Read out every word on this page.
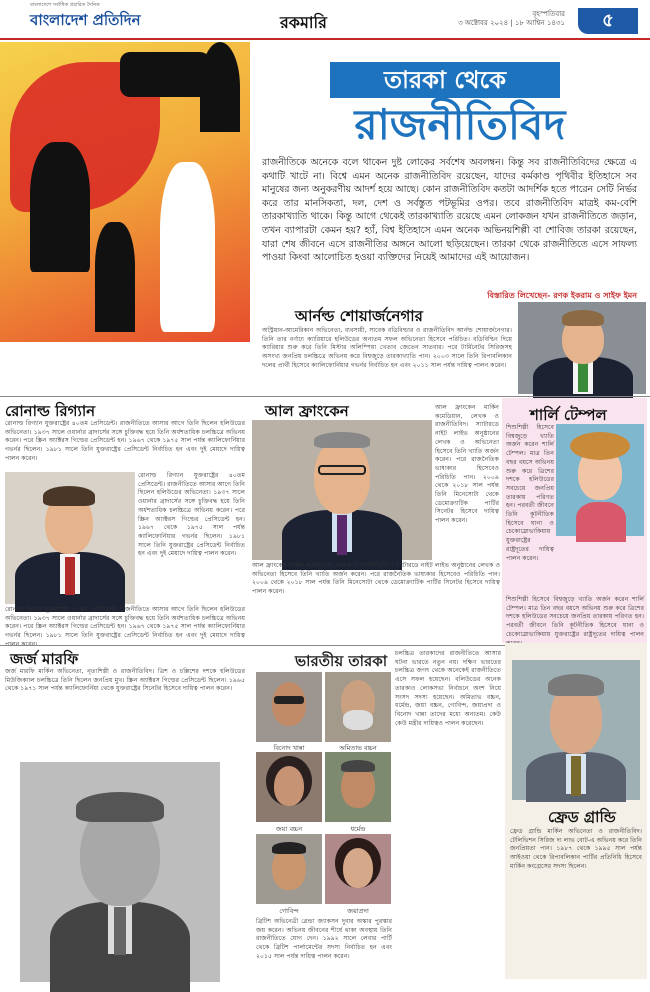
বাংলাদেশে সর্বাধিক প্রচারিত দৈনিক
বাংলাদেশ প্রতিদিন	রকমারি	বৃহস্পতিবার
৩ অক্টোবর ২০২৪ | ১৮ আশ্বিন ১৪৩১	৫
তারকা থেকে
রাজনীতিবিদ
রাজনীতিকে অনেকে বলে থাকেন দুষ্ট লোকের সর্বশেষ অবলম্বন। কিন্তু সব রাজনীতিবিদের ক্ষেত্রে এ কথাটি খাটে না। বিশ্বে এমন অনেক রাজনীতিবিদ রয়েছেন, যাদের কর্মকাণ্ড পৃথিবীর ইতিহাসে সব মানুষের জন্য অনুকরণীয় আদর্শ হয়ে আছে। কোন রাজনীতিবিদ কতটা আদর্শিক হতে পারেন সেটি নির্ভর করে তার মানসিকতা, দল, দেশ ও সর্বস্তুত পটভূমির ওপর। তবে রাজনীতিবিদ মাত্রই কম-বেশি তারকাখ্যাতি থাকে। কিন্তু আগে থেকেই তারকাখ্যাতি রয়েছে এমন লোকজন যখন রাজনীতিতে জড়ান, তখন ব্যাপারটা কেমন হয়? হ্যাঁ, বিশ্ব ইতিহাসে এমন অনেক অভিনয়শিল্পী বা শোবিজ তারকা রয়েছেন, যারা শেষ জীবনে এসে রাজনীতির অঙ্গনে আলো ছড়িয়েছেন। তারকা থেকে রাজনীতিতে এসে সাফল্য পাওয়া কিংবা আলোচিত হওয়া ব্যক্তিদের নিয়েই আমাদের এই আয়োজন।
বিস্তারিত লিখেছেন- রণক ইকরাম ও সাইফ ইমন
আর্নল্ড শোয়ার্জনেগার
অস্ট্রিয়ান-আমেরিকান অভিনেতা, ব্যবসায়ী, সাবেক বডিবিল্ডার ও রাজনীতিবিদ আর্নল্ড শোয়ার্জনেগার। তিনি তার বর্ণাঢ্য ক্যারিয়ারে হলিউডের অন্যতম সফল অভিনেতা হিসেবে পরিচিত। বডিবিল্ডিং দিয়ে ক্যারিয়ার শুরু করে তিনি মিস্টার অলিম্পিয়া খেতাব জেতেন সাতবার। পরে টার্মিনেটর সিরিজসহ অসংখ্য জনপ্রিয় চলচ্চিত্রে অভিনয় করে বিশ্বজুড়ে তারকাখ্যাতি পান। ২০০৩ সালে তিনি রিপাবলিকান দলের প্রার্থী হিসেবে ক্যালিফোর্নিয়ার গভর্নর নির্বাচিত হন এবং ২০১১ সাল পর্যন্ত দায়িত্ব পালন করেন।
রোনাল্ড রিগ্যান
রোনাল্ড রিগ্যান যুক্তরাষ্ট্রের ৪০তম প্রেসিডেন্ট। রাজনীতিতে আসার আগে তিনি ছিলেন হলিউডের অভিনেতা। ১৯৩৭ সালে ওয়ার্নার ব্রাদার্সের সঙ্গে চুক্তিবদ্ধ হয়ে তিনি অর্ধশতাধিক চলচ্চিত্রে অভিনয় করেন। পরে স্ক্রিন অ্যাক্টরস গিল্ডের প্রেসিডেন্ট হন। ১৯৬৭ থেকে ১৯৭৫ সাল পর্যন্ত ক্যালিফোর্নিয়ার গভর্নর ছিলেন। ১৯৮১ সালে তিনি যুক্তরাষ্ট্রের প্রেসিডেন্ট নির্বাচিত হন এবং দুই মেয়াদে দায়িত্ব পালন করেন।
রোনাল্ড রিগ্যান যুক্তরাষ্ট্রের ৪০তম প্রেসিডেন্ট। রাজনীতিতে আসার আগে তিনি ছিলেন হলিউডের অভিনেতা। ১৯৩৭ সালে ওয়ার্নার ব্রাদার্সের সঙ্গে চুক্তিবদ্ধ হয়ে তিনি অর্ধশতাধিক চলচ্চিত্রে অভিনয় করেন। পরে স্ক্রিন অ্যাক্টরস গিল্ডের প্রেসিডেন্ট হন। ১৯৬৭ থেকে ১৯৭৫ সাল পর্যন্ত ক্যালিফোর্নিয়ার গভর্নর ছিলেন। ১৯৮১ সালে তিনি যুক্তরাষ্ট্রের প্রেসিডেন্ট নির্বাচিত হন এবং দুই মেয়াদে দায়িত্ব পালন করেন।
রোনাল্ড রিগ্যান যুক্তরাষ্ট্রের ৪০তম প্রেসিডেন্ট। রাজনীতিতে আসার আগে তিনি ছিলেন হলিউডের অভিনেতা। ১৯৩৭ সালে ওয়ার্নার ব্রাদার্সের সঙ্গে চুক্তিবদ্ধ হয়ে তিনি অর্ধশতাধিক চলচ্চিত্রে অভিনয় করেন। পরে স্ক্রিন অ্যাক্টরস গিল্ডের প্রেসিডেন্ট হন। ১৯৬৭ থেকে ১৯৭৫ সাল পর্যন্ত ক্যালিফোর্নিয়ার গভর্নর ছিলেন। ১৯৮১ সালে তিনি যুক্তরাষ্ট্রের প্রেসিডেন্ট নির্বাচিত হন এবং দুই মেয়াদে দায়িত্ব
আল ফ্রাংকেন	আল ফ্রাংকেন মার্কিন কমেডিয়ান, লেখক ও রাজনীতিবিদ। স্যাটারডে নাইট লাইভ অনুষ্ঠানের লেখক ও অভিনেতা হিসেবে তিনি খ্যাতি অর্জন করেন। পরে রাজনৈতিক ভাষ্যকার হিসেবেও পরিচিতি পান। ২০০৯ থেকে ২০১৮ সাল পর্যন্ত তিনি মিনেসোটা থেকে ডেমোক্র্যাটিক পার্টির সিনেটর হিসেবে দায়িত্ব পালন করেন।
আল ফ্রাংকেন মার্কিন কমেডিয়ান, লেখক ও রাজনীতিবিদ। স্যাটারডে নাইট লাইভ অনুষ্ঠানের লেখক ও অভিনেতা হিসেবে তিনি খ্যাতি অর্জন করেন। পরে রাজনৈতিক ভাষ্যকার হিসেবেও পরিচিতি পান। ২০০৯ থেকে ২০১৮ সাল পর্যন্ত তিনি মিনেসোটা থেকে ডেমোক্র্যাটিক পার্টির সিনেটর হিসেবে দায়িত্ব পালন করেন।
শার্লি টেম্পল
শিশুশিল্পী হিসেবে বিশ্বজুড়ে খ্যাতি অর্জন করেন শার্লি টেম্পল। মাত্র তিন বছর বয়সে অভিনয় শুরু করে ত্রিশের দশকে হলিউডের সবচেয়ে জনপ্রিয় তারকায় পরিণত হন। পরবর্তী জীবনে তিনি কূটনীতিক হিসেবে ঘানা ও চেকোস্লোভাকিয়ায় যুক্তরাষ্ট্রের রাষ্ট্রদূতের দায়িত্ব পালন করেন।
শিশুশিল্পী হিসেবে বিশ্বজুড়ে খ্যাতি অর্জন করেন শার্লি টেম্পল। মাত্র তিন বছর বয়সে অভিনয় শুরু করে ত্রিশের দশকে হলিউডের সবচেয়ে জনপ্রিয় তারকায় পরিণত হন। পরবর্তী জীবনে তিনি কূটনীতিক হিসেবে ঘানা ও চেকোস্লোভাকিয়ায় যুক্তরাষ্ট্রের রাষ্ট্রদূতের দায়িত্ব পালন
জর্জ মারফি
জর্জ মারফি মার্কিন অভিনেতা, নৃত্যশিল্পী ও রাজনীতিবিদ। ত্রিশ ও চল্লিশের দশকে হলিউডের মিউজিক্যাল চলচ্চিত্রে তিনি ছিলেন জনপ্রিয় মুখ। স্ক্রিন অ্যাক্টরস গিল্ডের প্রেসিডেন্ট ছিলেন। ১৯৬৫ থেকে ১৯৭১ সাল পর্যন্ত ক্যালিফোর্নিয়া থেকে যুক্তরাষ্ট্রের সিনেটর হিসেবে দায়িত্ব পালন করেন।
ভারতীয় তারকা
বিনোদ খান্না	অমিতাভ বচ্চন
জয়া বচ্চন	ধর্মেন্দ্র
গোবিন্দ	জয়াপ্রদা
চলচ্চিত্র তারকাদের রাজনীতিতে আসার ঘটনা ভারতে নতুন নয়। দক্ষিণ ভারতের চলচ্চিত্র জগৎ থেকে অনেকেই রাজনীতিতে এসে সফল হয়েছেন। বলিউডের অনেক তারকাও লোকসভা নির্বাচনে অংশ নিয়ে সংসদ সদস্য হয়েছেন। অমিতাভ বচ্চন, ধর্মেন্দ্র, জয়া বচ্চন, গোবিন্দ, জয়াপ্রদা ও বিনোদ খান্না তাদের মধ্যে অন্যতম। কেউ কেউ মন্ত্রীর দায়িত্বও পালন করেছেন।
ব্রিটিশ অভিনেত্রী গ্লেন্ডা জ্যাকসন দুবার অস্কার পুরস্কার জয় করেন। অভিনয় জীবনের শীর্ষে থাকা অবস্থায় তিনি রাজনীতিতে যোগ দেন। ১৯৯২ সালে লেবার পার্টি থেকে ব্রিটিশ পার্লামেন্টের সদস্য নির্বাচিত হন এবং ২০১৫ সাল পর্যন্ত দায়িত্ব পালন করেন।
ফ্রেড গ্রান্ডি
ফ্রেড গ্রান্ডি মার্কিন অভিনেতা ও রাজনীতিবিদ। টেলিভিশন সিরিজ দ্য লাভ বোট-এ অভিনয় করে তিনি জনপ্রিয়তা পান। ১৯৮৭ থেকে ১৯৯৫ সাল পর্যন্ত আইওয়া থেকে রিপাবলিকান পার্টির প্রতিনিধি হিসেবে মার্কিন কংগ্রেসের সদস্য ছিলেন।
